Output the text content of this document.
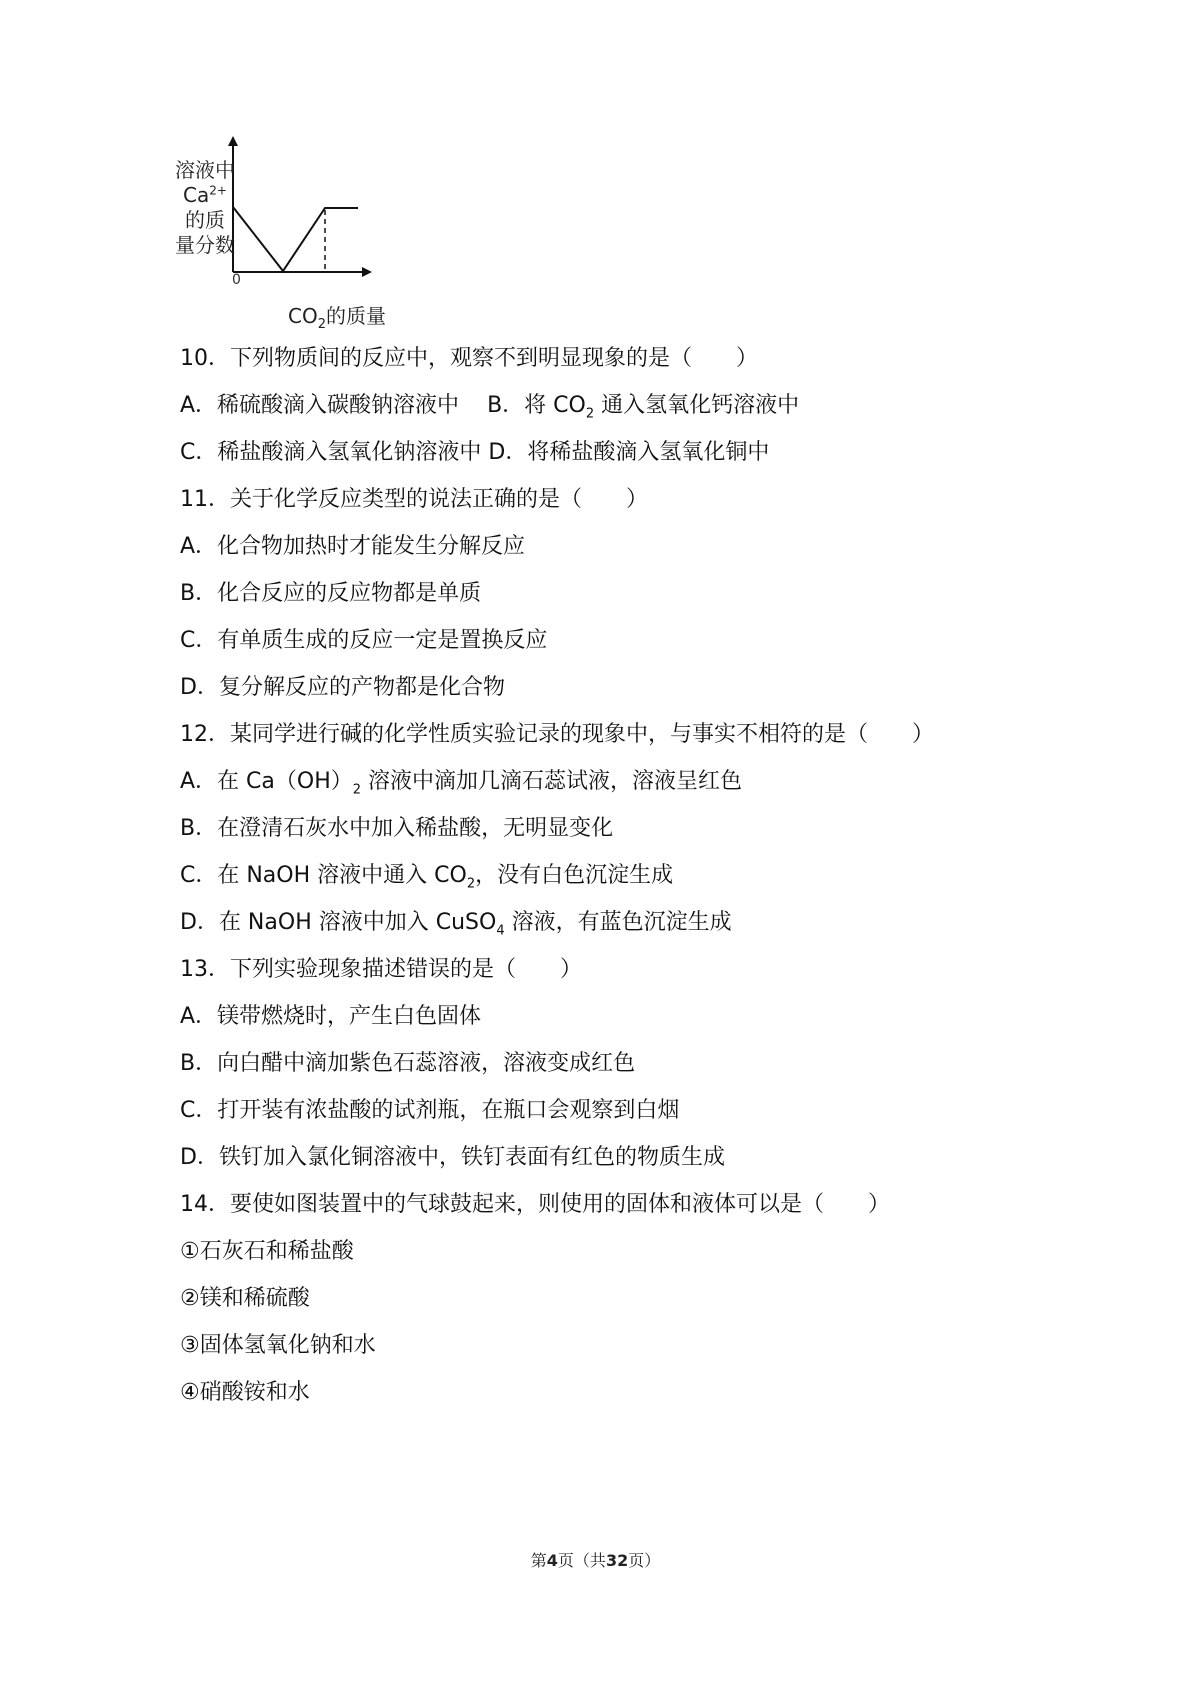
溶液中
$Ca^{2+}$
的质
量分数
0
$CO_2$的质量
10．下列物质间的反应中，观察不到明显现象的是（　　）
A．稀硫酸滴入碳酸钠溶液中 B．将 $CO_2$ 通入氢氧化钙溶液中
C．稀盐酸滴入氢氧化钠溶液中 D．将稀盐酸滴入氢氧化铜中
11．关于化学反应类型的说法正确的是（　　）
A．化合物加热时才能发生分解反应
B．化合反应的反应物都是单质
C．有单质生成的反应一定是置换反应
D．复分解反应的产物都是化合物
12．某同学进行碱的化学性质实验记录的现象中，与事实不相符的是（　　）
A．在 $Ca(OH)_2$ 溶液中滴加几滴石蕊试液，溶液呈红色
B．在澄清石灰水中加入稀盐酸，无明显变化
C．在 NaOH 溶液中通入 $CO_2$，没有白色沉淀生成
D．在 NaOH 溶液中加入 CuSO$_4$ 溶液，有蓝色沉淀生成
13．下列实验现象描述错误的是（　　）
A．镁带燃烧时，产生白色固体
B．向白醋中滴加紫色石蕊溶液，溶液变成红色
C．打开装有浓盐酸的试剂瓶，在瓶口会观察到白烟
D．铁钉加入氯化铜溶液中，铁钉表面有红色的物质生成
14．要使如图装置中的气球鼓起来，则使用的固体和液体可以是（　　）
①石灰石和稀盐酸
②镁和稀硫酸
③固体氢氧化钠和水
④硝酸铵和水
第4页（共32页）
